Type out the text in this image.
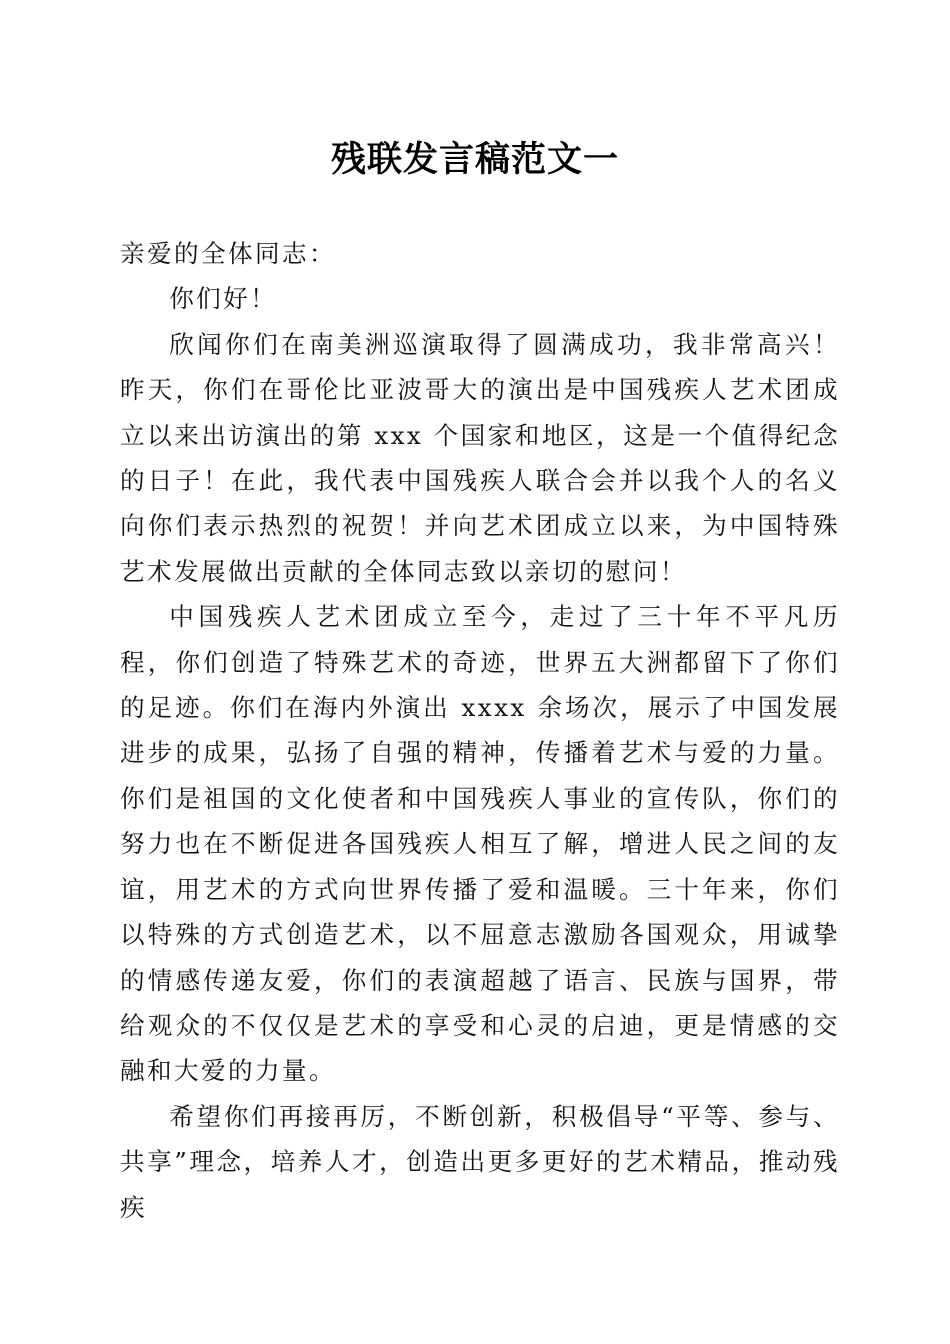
残联发言稿范文一

亲爱的全体同志：

你们好！

欣闻你们在南美洲巡演取得了圆满成功，我非常高兴！昨天，你们在哥伦比亚波哥大的演出是中国残疾人艺术团成立以来出访演出的第 xxx 个国家和地区，这是一个值得纪念的日子！在此，我代表中国残疾人联合会并以我个人的名义向你们表示热烈的祝贺！并向艺术团成立以来，为中国特殊艺术发展做出贡献的全体同志致以亲切的慰问！

中国残疾人艺术团成立至今，走过了三十年不平凡历程，你们创造了特殊艺术的奇迹，世界五大洲都留下了你们的足迹。你们在海内外演出 xxxx 余场次，展示了中国发展进步的成果，弘扬了自强的精神，传播着艺术与爱的力量。你们是祖国的文化使者和中国残疾人事业的宣传队，你们的努力也在不断促进各国残疾人相互了解，增进人民之间的友谊，用艺术的方式向世界传播了爱和温暖。三十年来，你们以特殊的方式创造艺术，以不屈意志激励各国观众，用诚挚的情感传递友爱，你们的表演超越了语言、民族与国界，带给观众的不仅仅是艺术的享受和心灵的启迪，更是情感的交融和大爱的力量。

希望你们再接再厉，不断创新，积极倡导“平等、参与、共享”理念，培养人才，创造出更多更好的艺术精品，推动残疾
